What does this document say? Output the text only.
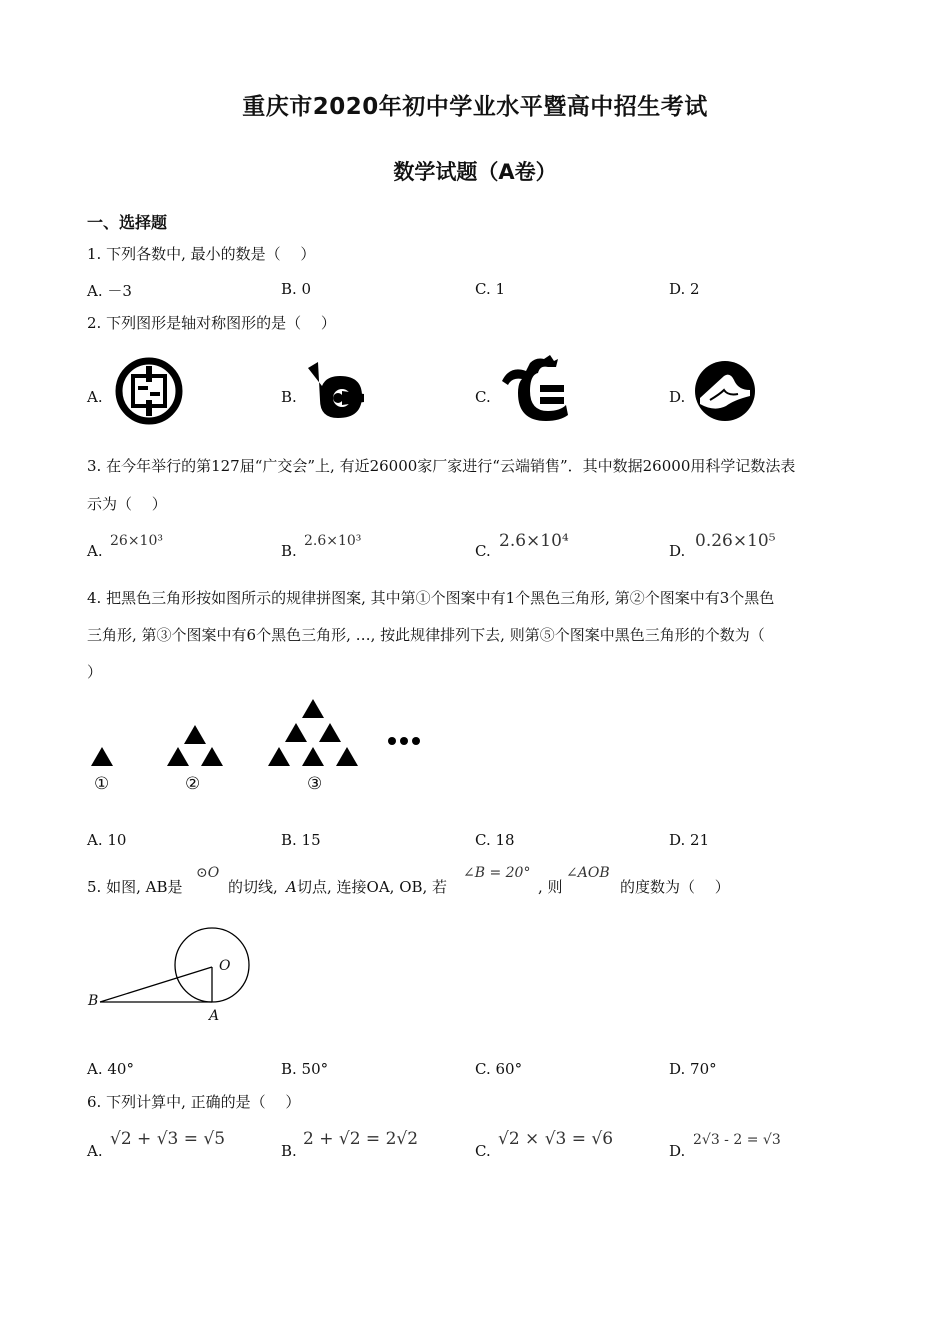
重庆市2020年初中学业水平暨高中招生考试
数学试题（A卷）
一、选择题
1. 下列各数中, 最小的数是（　 ）
A. －3	B. 0	C. 1	D. 2
2. 下列图形是轴对称图形的是（　 ）
A.	B.	C.	D.
3. 在今年举行的第127届“广交会”上, 有近26000家厂家进行“云端销售”．其中数据26000用科学记数法表
示为（　 ）
A.
26×10³
B.
2.6×10³
C. 2.6×10⁴	D. 0.26×10⁵
4. 把黑色三角形按如图所示的规律拼图案, 其中第①个图案中有1个黑色三角形, 第②个图案中有3个黑色
三角形, 第③个图案中有6个黑色三角形, …, 按此规律排列下去, 则第⑤个图案中黑色三角形的个数为（
）
①	②	③
A. 10	B. 15	C. 18	D. 21
5. 如图, AB是
⊙O
的切线, A 切点, 连接OA, OB, 若
∠B = 20°
, 则
∠AOB
的度数为（　 ）
O
B
A
A. 40°	B. 50°	C. 60°	D. 70°
6. 下列计算中, 正确的是（　 ）
A.
√2 + √3 = √5
B.
2 + √2 = 2√2
C.
√2 × √3 = √6
D.
2√3 - 2 = √3
